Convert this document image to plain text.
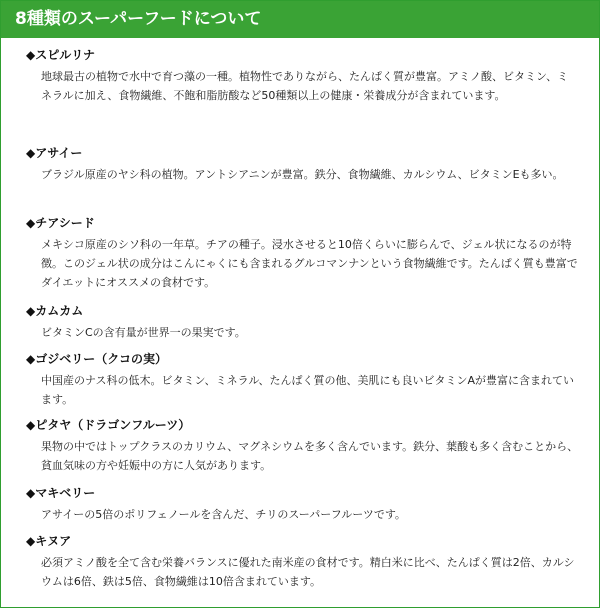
8種類のスーパーフードについて
◆スピルリナ
地球最古の植物で水中で育つ藻の一種。植物性でありながら、たんぱく質が豊富。アミノ酸、ビタミン、ミネラルに加え、食物繊維、不飽和脂肪酸など50種類以上の健康・栄養成分が含まれています。
◆アサイー
ブラジル原産のヤシ科の植物。アントシアニンが豊富。鉄分、食物繊維、カルシウム、ビタミンEも多い。
◆チアシード
メキシコ原産のシソ科の一年草。チアの種子。浸水させると10倍くらいに膨らんで、ジェル状になるのが特徴。このジェル状の成分はこんにゃくにも含まれるグルコマンナンという食物繊維です。たんぱく質も豊富でダイエットにオススメの食材です。
◆カムカム
ビタミンCの含有量が世界一の果実です。
◆ゴジベリー（クコの実）
中国産のナス科の低木。ビタミン、ミネラル、たんぱく質の他、美肌にも良いビタミンAが豊富に含まれています。
◆ピタヤ（ドラゴンフルーツ）
果物の中ではトップクラスのカリウム、マグネシウムを多く含んでいます。鉄分、葉酸も多く含むことから、貧血気味の方や妊娠中の方に人気があります。
◆マキベリー
アサイーの5倍のポリフェノールを含んだ、チリのスーパーフルーツです。
◆キヌア
必須アミノ酸を全て含む栄養バランスに優れた南米産の食材です。精白米に比べ、たんぱく質は2倍、カルシウムは6倍、鉄は5倍、食物繊維は10倍含まれています。
